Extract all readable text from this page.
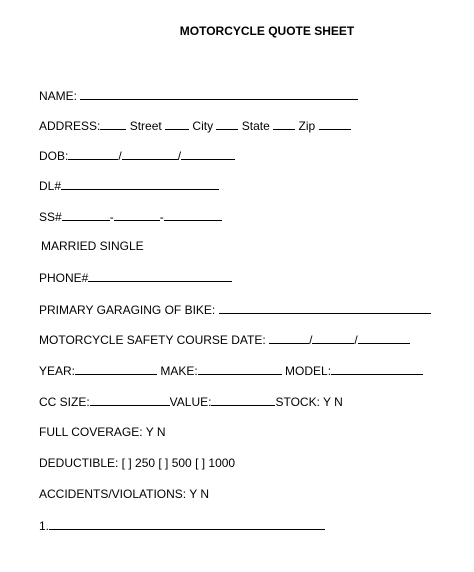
MOTORCYCLE QUOTE SHEET
NAME:
ADDRESS: Street	City State Zip
DOB:	/	/
DL#
SS#	-	-
MARRIED SINGLE
PHONE#
PRIMARY GARAGING OF BIKE:
MOTORCYCLE SAFETY COURSE DATE:	/	/
YEAR:	MAKE:	MODEL:
CC SIZE:	VALUE:	STOCK: Y N
FULL COVERAGE: Y N
DEDUCTIBLE: [ ] 250 [ ] 500 [ ] 1000
ACCIDENTS/VIOLATIONS: Y N
1.
